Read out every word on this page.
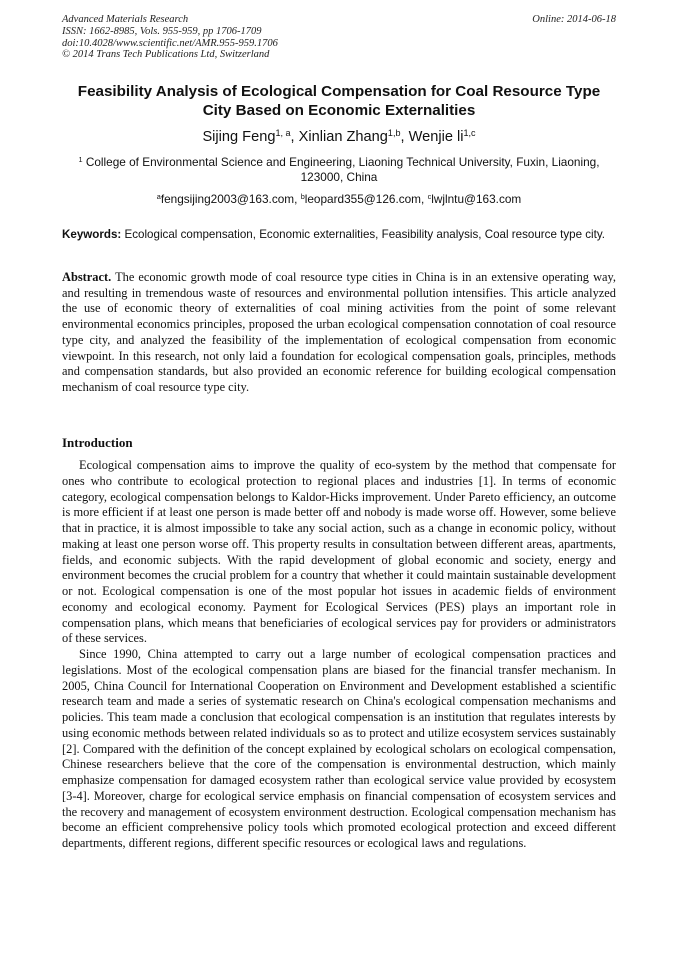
Advanced Materials Research
ISSN: 1662-8985, Vols. 955-959, pp 1706-1709
doi:10.4028/www.scientific.net/AMR.955-959.1706
© 2014 Trans Tech Publications Ltd, Switzerland
Online: 2014-06-18
Feasibility Analysis of Ecological Compensation for Coal Resource Type
City Based on Economic Externalities
Sijing Feng$^{1, a}$, Xinlian Zhang$^{1,b}$, Wenjie li$^{1,c}$
$^1$ College of Environmental Science and Engineering, Liaoning Technical University, Fuxin, Liaoning, 123000, China
$^a$fengsijing2003@163.com, $^b$leopard355@126.com, $^c$lwjlntu@163.com
Keywords: Ecological compensation, Economic externalities, Feasibility analysis, Coal resource type city.
Abstract. The economic growth mode of coal resource type cities in China is in an extensive operating way, and resulting in tremendous waste of resources and environmental pollution intensifies. This article analyzed the use of economic theory of externalities of coal mining activities from the point of some relevant environmental economics principles, proposed the urban ecological compensation connotation of coal resource type city, and analyzed the feasibility of the implementation of ecological compensation from economic viewpoint. In this research, not only laid a foundation for ecological compensation goals, principles, methods and compensation standards, but also provided an economic reference for building ecological compensation mechanism of coal resource type city.
Introduction

Ecological compensation aims to improve the quality of eco-system by the method that compensate for ones who contribute to ecological protection to regional places and industries [1]. In terms of economic category, ecological compensation belongs to Kaldor-Hicks improvement. Under Pareto efficiency, an outcome is more efficient if at least one person is made better off and nobody is made worse off. However, some believe that in practice, it is almost impossible to take any social action, such as a change in economic policy, without making at least one person worse off. This property results in consultation between different areas, apartments, fields, and economic subjects. With the rapid development of global economic and society, energy and environment becomes the crucial problem for a country that whether it could maintain sustainable development or not. Ecological compensation is one of the most popular hot issues in academic fields of environment economy and ecological economy. Payment for Ecological Services (PES) plays an important role in compensation plans, which means that beneficiaries of ecological services pay for providers or administrators of these services.

Since 1990, China attempted to carry out a large number of ecological compensation practices and legislations. Most of the ecological compensation plans are biased for the financial transfer mechanism. In 2005, China Council for International Cooperation on Environment and Development established a scientific research team and made a series of systematic research on China's ecological compensation mechanisms and policies. This team made a conclusion that ecological compensation is an institution that regulates interests by using economic methods between related individuals so as to protect and utilize ecosystem services sustainably [2]. Compared with the definition of the concept explained by ecological scholars on ecological compensation, Chinese researchers believe that the core of the compensation is environmental destruction, which mainly emphasize compensation for damaged ecosystem rather than ecological service value provided by ecosystem [3-4]. Moreover, charge for ecological service emphasis on financial compensation of ecosystem services and the recovery and management of ecosystem environment destruction. Ecological compensation mechanism has become an efficient comprehensive policy tools which promoted ecological protection and exceed different departments, different regions, different specific resources or ecological laws and regulations.
